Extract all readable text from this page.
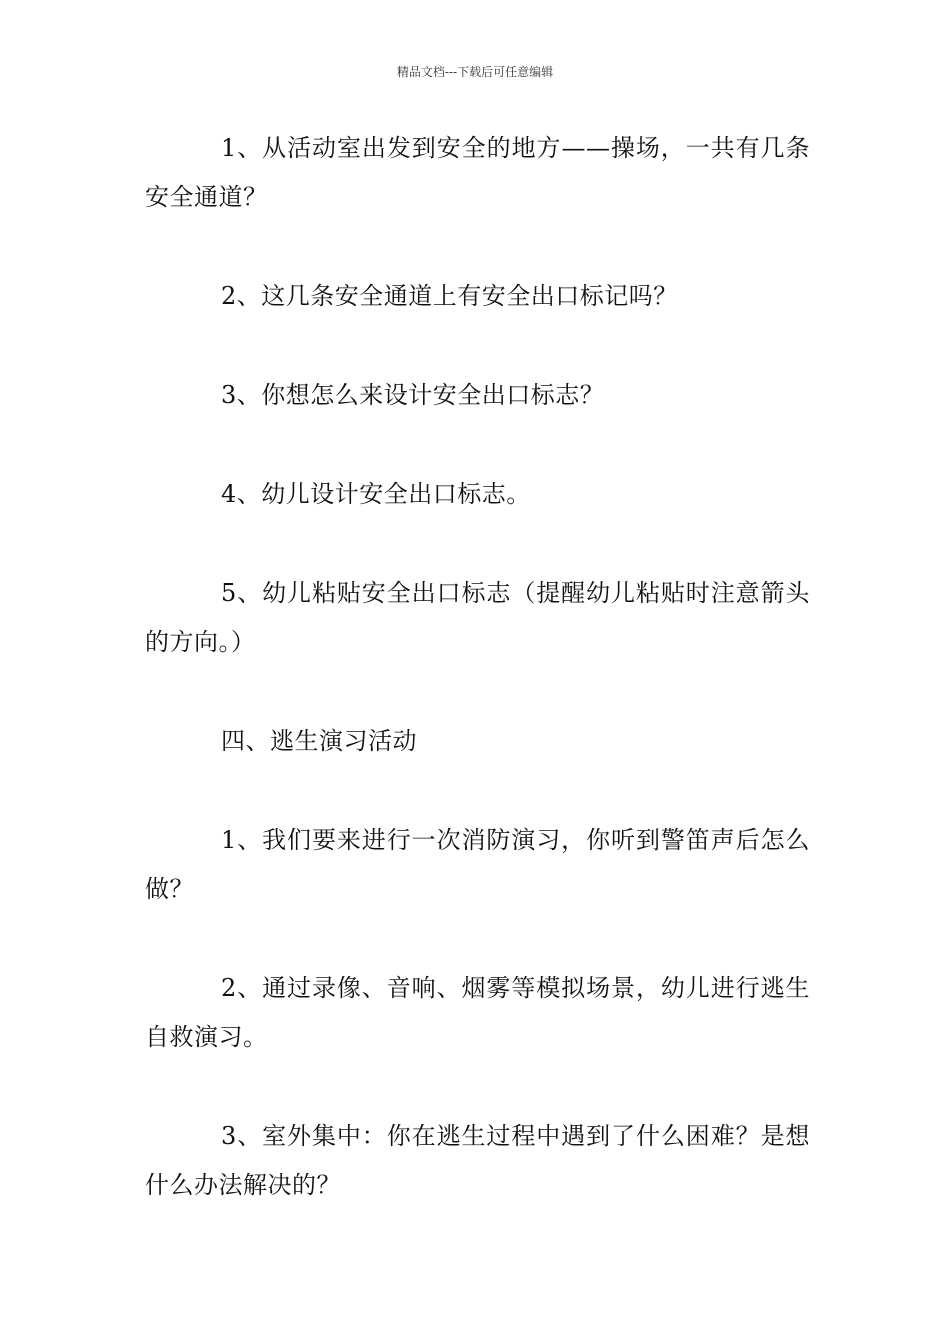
精品文档---下载后可任意编辑

1、从活动室出发到安全的地方——操场，一共有几条安全通道？

2、这几条安全通道上有安全出口标记吗？

3、你想怎么来设计安全出口标志？

4、幼儿设计安全出口标志。

5、幼儿粘贴安全出口标志（提醒幼儿粘贴时注意箭头的方向。）

四、逃生演习活动

1、我们要来进行一次消防演习，你听到警笛声后怎么做？

2、通过录像、音响、烟雾等模拟场景，幼儿进行逃生自救演习。

3、室外集中：你在逃生过程中遇到了什么困难？是想什么办法解决的？
